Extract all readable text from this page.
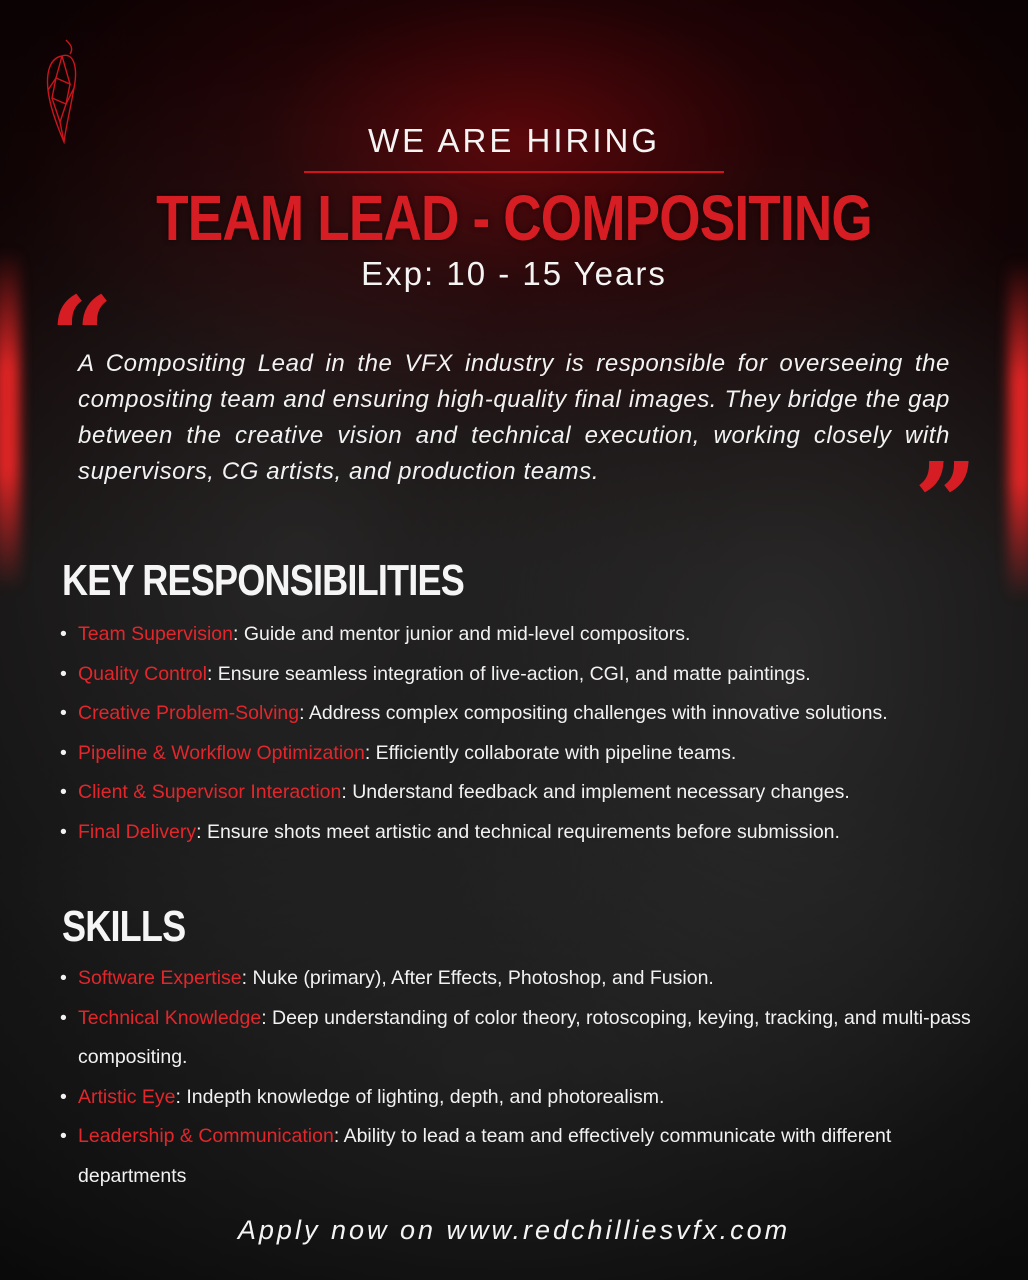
WE ARE HIRING
TEAM LEAD - COMPOSITING
Exp: 10 - 15 Years
“
A Compositing Lead in the VFX industry is responsible for overseeing the compositing team and ensuring high-quality final images. They bridge the gap between the creative vision and technical execution, working closely with supervisors, CG artists, and production teams.	”
KEY RESPONSIBILITIES
• Team Supervision: Guide and mentor junior and mid-level compositors.
• Quality Control: Ensure seamless integration of live-action, CGI, and matte paintings.
• Creative Problem-Solving: Address complex compositing challenges with innovative solutions.
• Pipeline & Workflow Optimization: Efficiently collaborate with pipeline teams.
• Client & Supervisor Interaction: Understand feedback and implement necessary changes.
• Final Delivery: Ensure shots meet artistic and technical requirements before submission.
SKILLS
• Software Expertise: Nuke (primary), After Effects, Photoshop, and Fusion.
• Technical Knowledge: Deep understanding of color theory, rotoscoping, keying, tracking, and multi-pass compositing.
• Artistic Eye: Indepth knowledge of lighting, depth, and photorealism.
• Leadership & Communication: Ability to lead a team and effectively communicate with different departments
Apply now on www.redchilliesvfx.com
